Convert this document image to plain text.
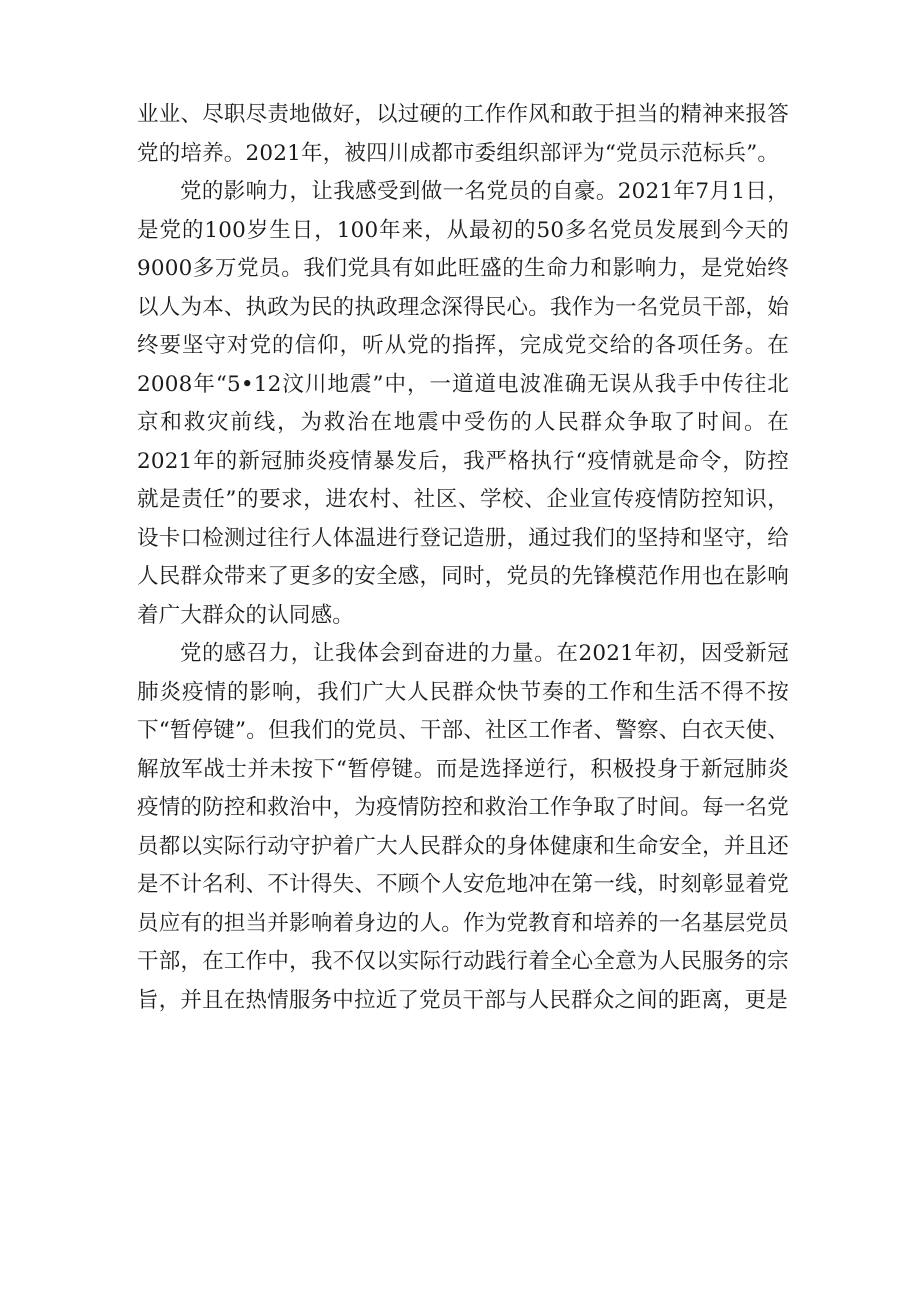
业业、尽职尽责地做好，以过硬的工作作风和敢于担当的精神来报答党的培养。2021年，被四川成都市委组织部评为“党员示范标兵”。

党的影响力，让我感受到做一名党员的自豪。2021年7月1日，是党的100岁生日，100年来，从最初的50多名党员发展到今天的9000多万党员。我们党具有如此旺盛的生命力和影响力，是党始终以人为本、执政为民的执政理念深得民心。我作为一名党员干部，始终要坚守对党的信仰，听从党的指挥，完成党交给的各项任务。在2008年“5•12汶川地震”中，一道道电波准确无误从我手中传往北京和救灾前线，为救治在地震中受伤的人民群众争取了时间。在2021年的新冠肺炎疫情暴发后，我严格执行“疫情就是命令，防控就是责任”的要求，进农村、社区、学校、企业宣传疫情防控知识，设卡口检测过往行人体温进行登记造册，通过我们的坚持和坚守，给人民群众带来了更多的安全感，同时，党员的先锋模范作用也在影响着广大群众的认同感。

党的感召力，让我体会到奋进的力量。在2021年初，因受新冠肺炎疫情的影响，我们广大人民群众快节奏的工作和生活不得不按下“暂停键”。但我们的党员、干部、社区工作者、警察、白衣天使、解放军战士并未按下“暂停键。而是选择逆行，积极投身于新冠肺炎疫情的防控和救治中，为疫情防控和救治工作争取了时间。每一名党员都以实际行动守护着广大人民群众的身体健康和生命安全，并且还是不计名利、不计得失、不顾个人安危地冲在第一线，时刻彰显着党员应有的担当并影响着身边的人。作为党教育和培养的一名基层党员干部，在工作中，我不仅以实际行动践行着全心全意为人民服务的宗旨，并且在热情服务中拉近了党员干部与人民群众之间的距离，更是
